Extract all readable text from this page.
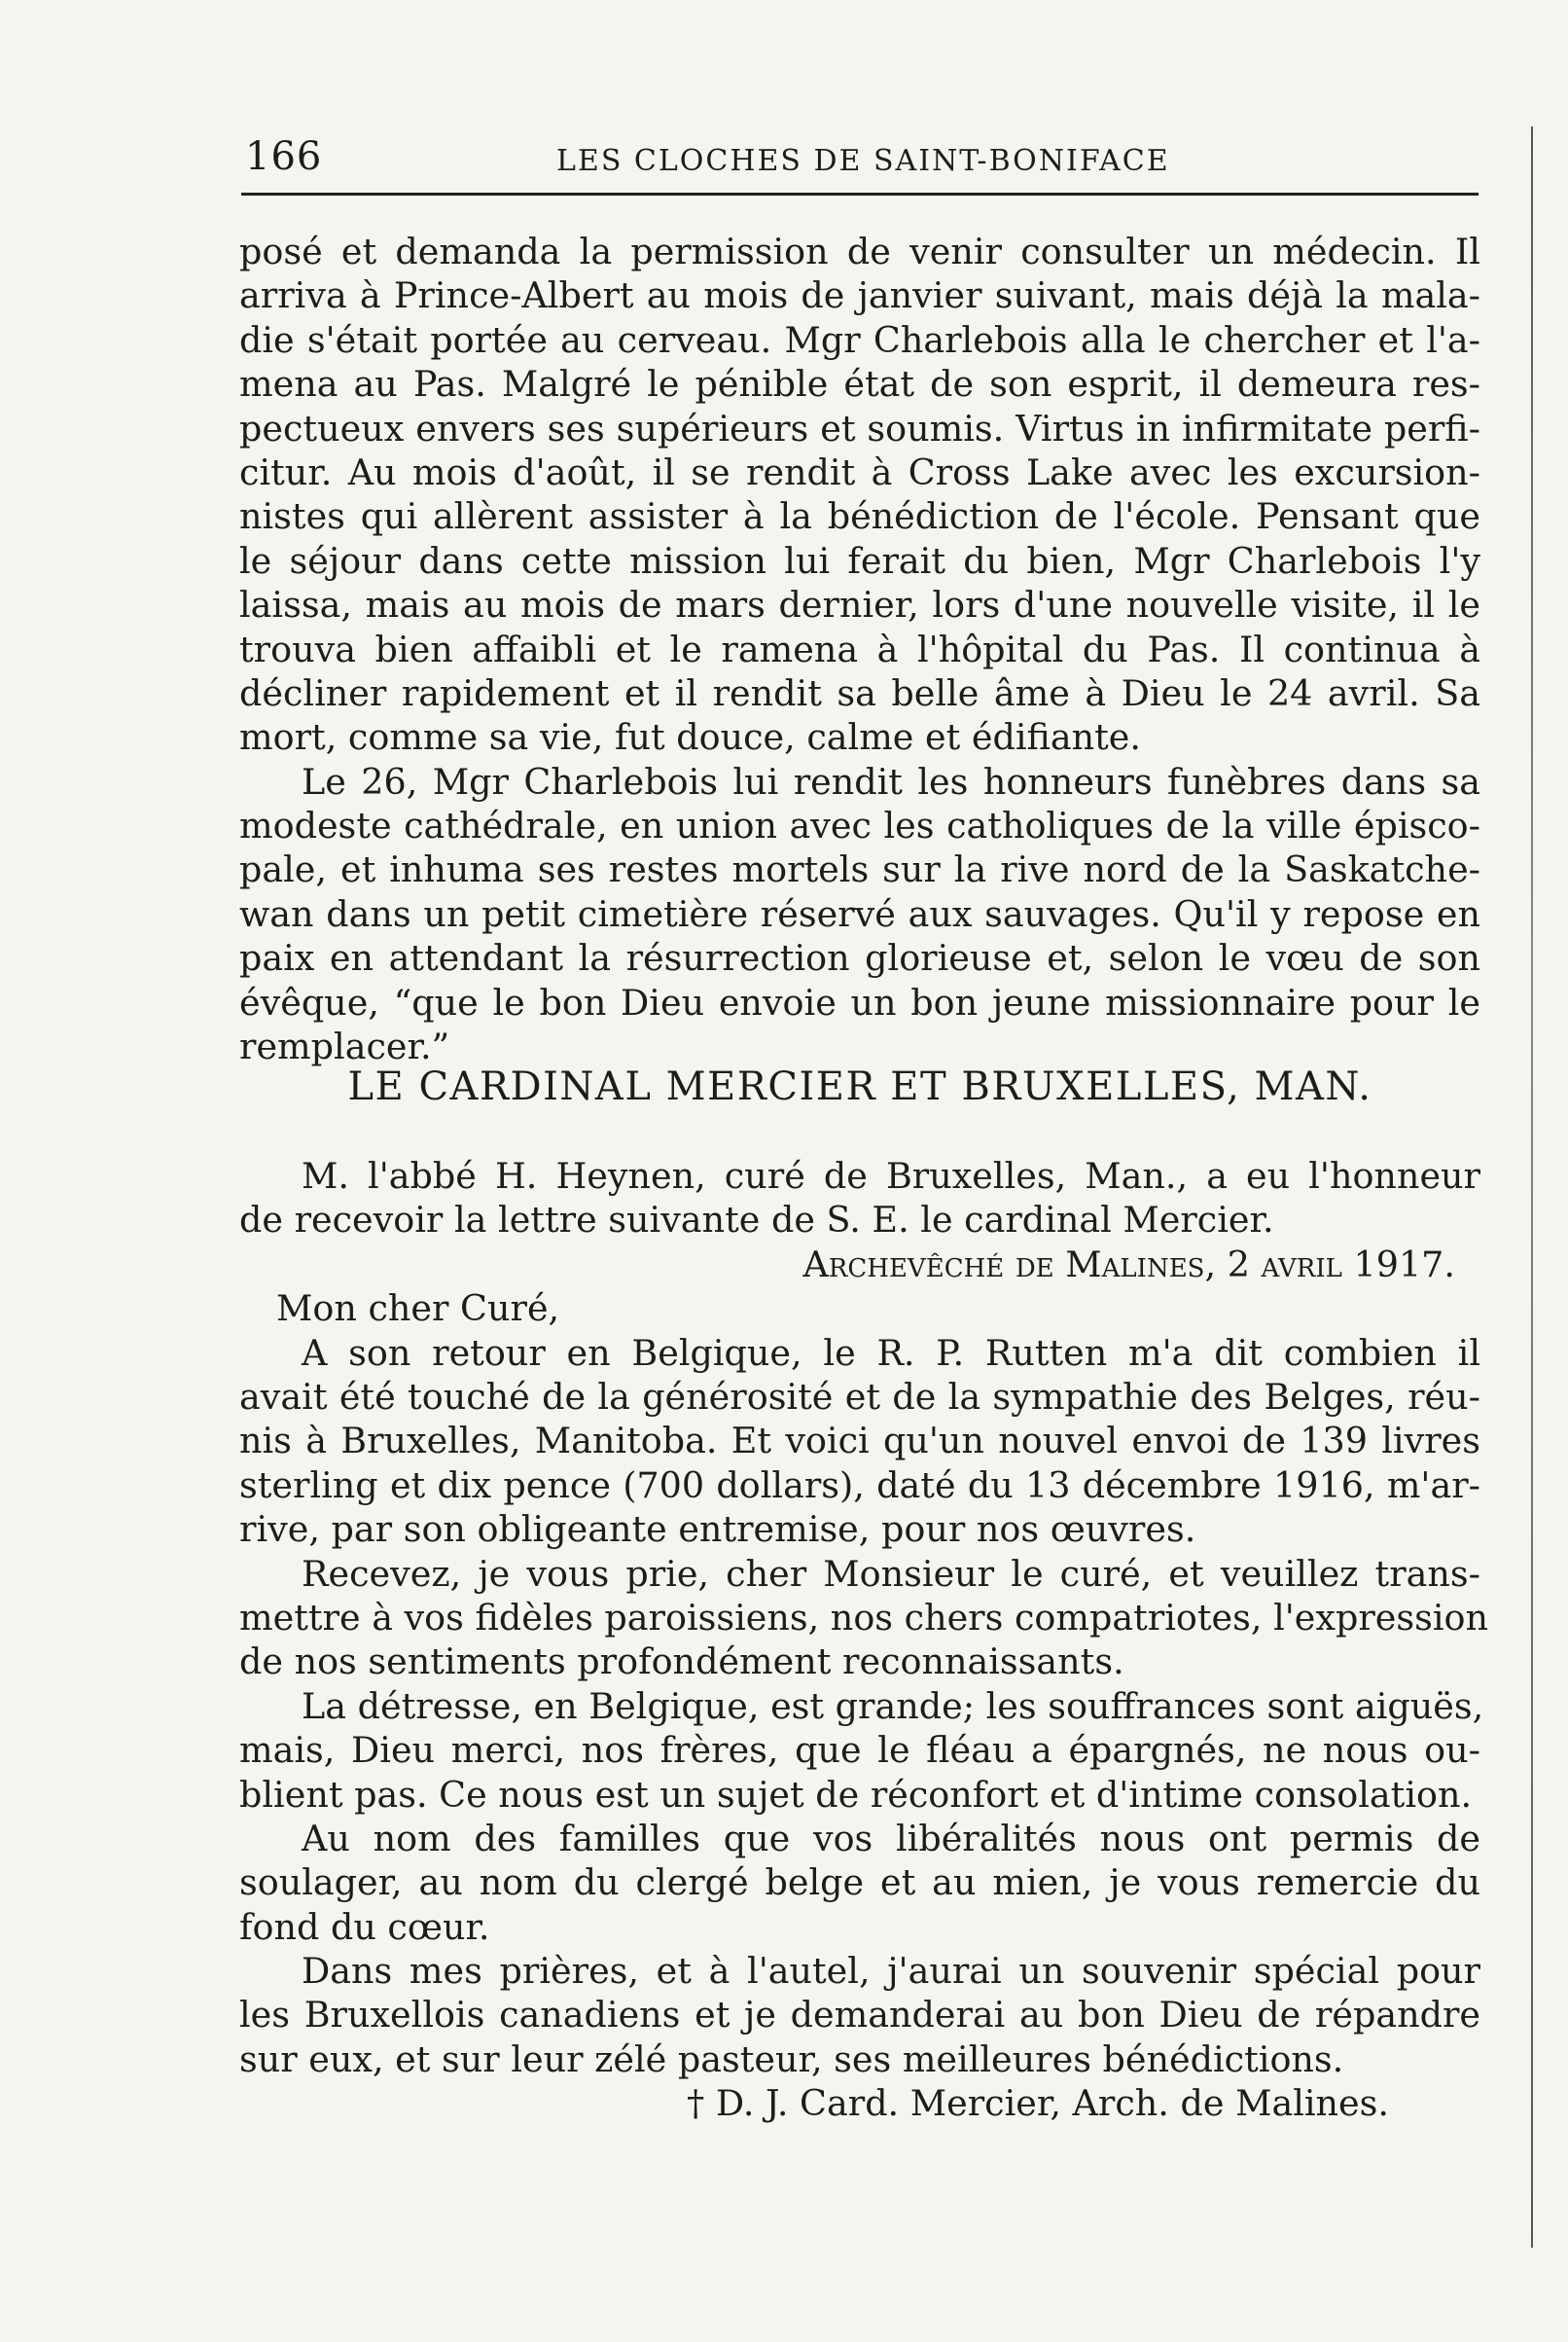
166	LES CLOCHES DE SAINT-BONIFACE
posé et demanda la permission de venir consulter un médecin. Il
arriva à Prince-Albert au mois de janvier suivant, mais déjà la mala-
die s'était portée au cerveau. Mgr Charlebois alla le chercher et l'a-
mena au Pas. Malgré le pénible état de son esprit, il demeura res-
pectueux envers ses supérieurs et soumis. Virtus in infirmitate perfi-
citur. Au mois d'août, il se rendit à Cross Lake avec les excursion-
nistes qui allèrent assister à la bénédiction de l'école. Pensant que
le séjour dans cette mission lui ferait du bien, Mgr Charlebois l'y
laissa, mais au mois de mars dernier, lors d'une nouvelle visite, il le
trouva bien affaibli et le ramena à l'hôpital du Pas. Il continua à
décliner rapidement et il rendit sa belle âme à Dieu le 24 avril. Sa
mort, comme sa vie, fut douce, calme et édifiante.
Le 26, Mgr Charlebois lui rendit les honneurs funèbres dans sa
modeste cathédrale, en union avec les catholiques de la ville épisco-
pale, et inhuma ses restes mortels sur la rive nord de la Saskatche-
wan dans un petit cimetière réservé aux sauvages. Qu'il y repose en
paix en attendant la résurrection glorieuse et, selon le vœu de son
évêque, “que le bon Dieu envoie un bon jeune missionnaire pour le
remplacer.”
LE CARDINAL MERCIER ET BRUXELLES, MAN.
M. l'abbé H. Heynen, curé de Bruxelles, Man., a eu l'honneur
de recevoir la lettre suivante de S. E. le cardinal Mercier.
Archevêché de Malines, 2 avril 1917.
Mon cher Curé,
A son retour en Belgique, le R. P. Rutten m'a dit combien il
avait été touché de la générosité et de la sympathie des Belges, réu-
nis à Bruxelles, Manitoba. Et voici qu'un nouvel envoi de 139 livres
sterling et dix pence (700 dollars), daté du 13 décembre 1916, m'ar-
rive, par son obligeante entremise, pour nos œuvres.
Recevez, je vous prie, cher Monsieur le curé, et veuillez trans-
mettre à vos fidèles paroissiens, nos chers compatriotes, l'expression
de nos sentiments profondément reconnaissants.
La détresse, en Belgique, est grande; les souffrances sont aiguës,
mais, Dieu merci, nos frères, que le fléau a épargnés, ne nous ou-
blient pas. Ce nous est un sujet de réconfort et d'intime consolation.
Au nom des familles que vos libéralités nous ont permis de
soulager, au nom du clergé belge et au mien, je vous remercie du
fond du cœur.
Dans mes prières, et à l'autel, j'aurai un souvenir spécial pour
les Bruxellois canadiens et je demanderai au bon Dieu de répandre
sur eux, et sur leur zélé pasteur, ses meilleures bénédictions.
† D. J. Card. Mercier, Arch. de Malines.
